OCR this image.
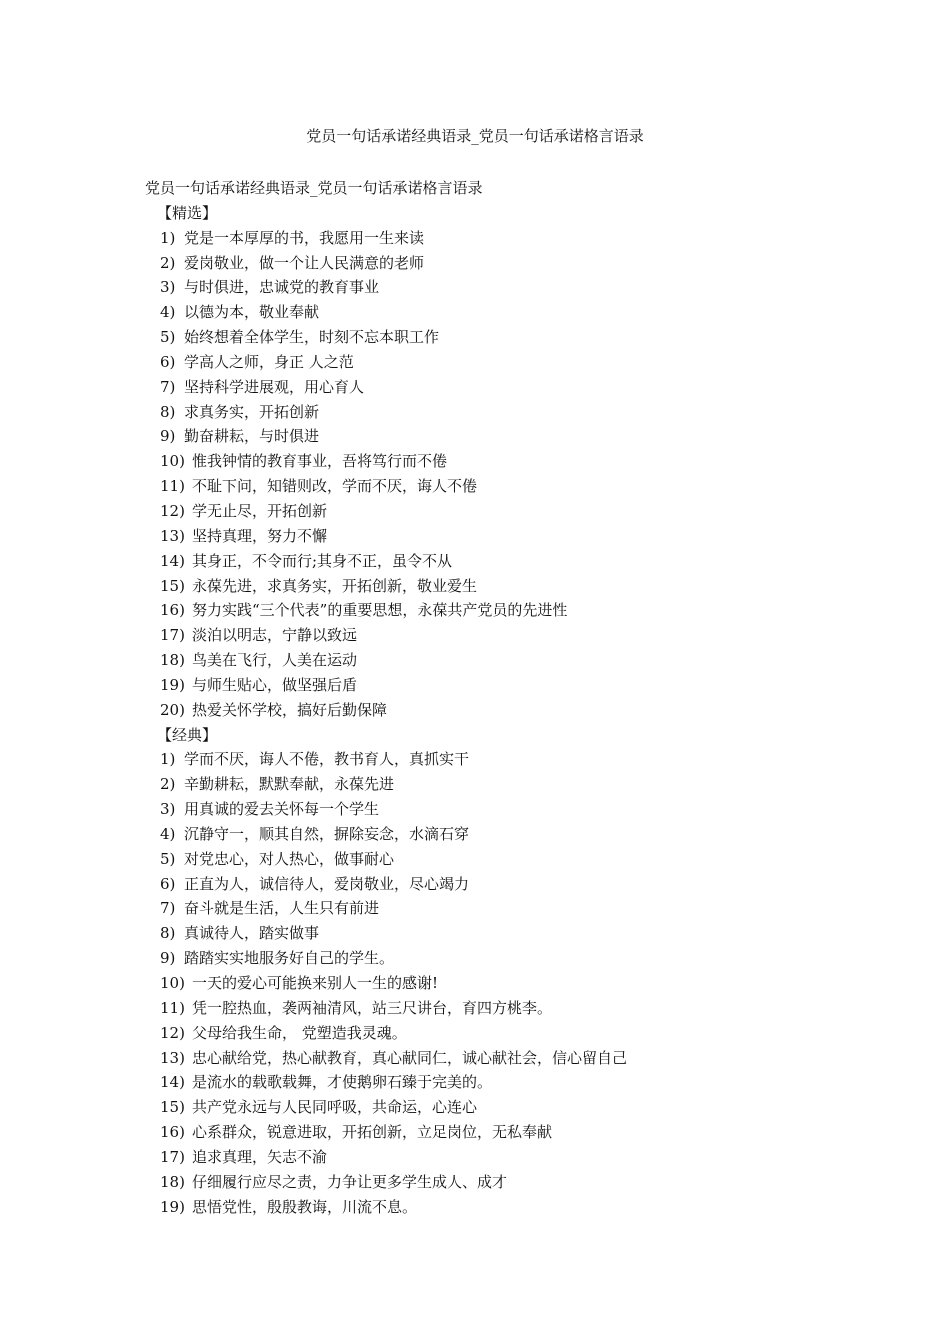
党员一句话承诺经典语录_党员一句话承诺格言语录
党员一句话承诺经典语录_党员一句话承诺格言语录
【精选】
1) 党是一本厚厚的书，我愿用一生来读
2) 爱岗敬业，做一个让人民满意的老师
3) 与时俱进，忠诚党的教育事业
4) 以德为本，敬业奉献
5) 始终想着全体学生，时刻不忘本职工作
6) 学高人之师，身正 人之范
7) 坚持科学进展观，用心育人
8) 求真务实，开拓创新
9) 勤奋耕耘，与时俱进
10) 惟我钟情的教育事业，吾将笃行而不倦
11) 不耻下问，知错则改，学而不厌，诲人不倦
12) 学无止尽，开拓创新
13) 坚持真理，努力不懈
14) 其身正，不令而行;其身不正，虽令不从
15) 永葆先进，求真务实，开拓创新，敬业爱生
16) 努力实践“三个代表”的重要思想，永葆共产党员的先进性
17) 淡泊以明志，宁静以致远
18) 鸟美在飞行，人美在运动
19) 与师生贴心，做坚强后盾
20) 热爱关怀学校，搞好后勤保障
【经典】
1) 学而不厌，诲人不倦，教书育人，真抓实干
2) 辛勤耕耘，默默奉献，永葆先进
3) 用真诚的爱去关怀每一个学生
4) 沉静守一，顺其自然，摒除妄念，水滴石穿
5) 对党忠心，对人热心，做事耐心
6) 正直为人，诚信待人，爱岗敬业，尽心竭力
7) 奋斗就是生活，人生只有前进
8) 真诚待人，踏实做事
9) 踏踏实实地服务好自己的学生。
10) 一天的爱心可能换来别人一生的感谢!
11) 凭一腔热血，袭两袖清风，站三尺讲台，育四方桃李。
12) 父母给我生命， 党塑造我灵魂。
13) 忠心献给党，热心献教育，真心献同仁，诚心献社会，信心留自己
14) 是流水的载歌载舞，才使鹅卵石臻于完美的。
15) 共产党永远与人民同呼吸，共命运，心连心
16) 心系群众，锐意进取，开拓创新，立足岗位，无私奉献
17) 追求真理，矢志不渝
18) 仔细履行应尽之责，力争让更多学生成人、成才
19) 思悟党性，殷殷教诲，川流不息。
